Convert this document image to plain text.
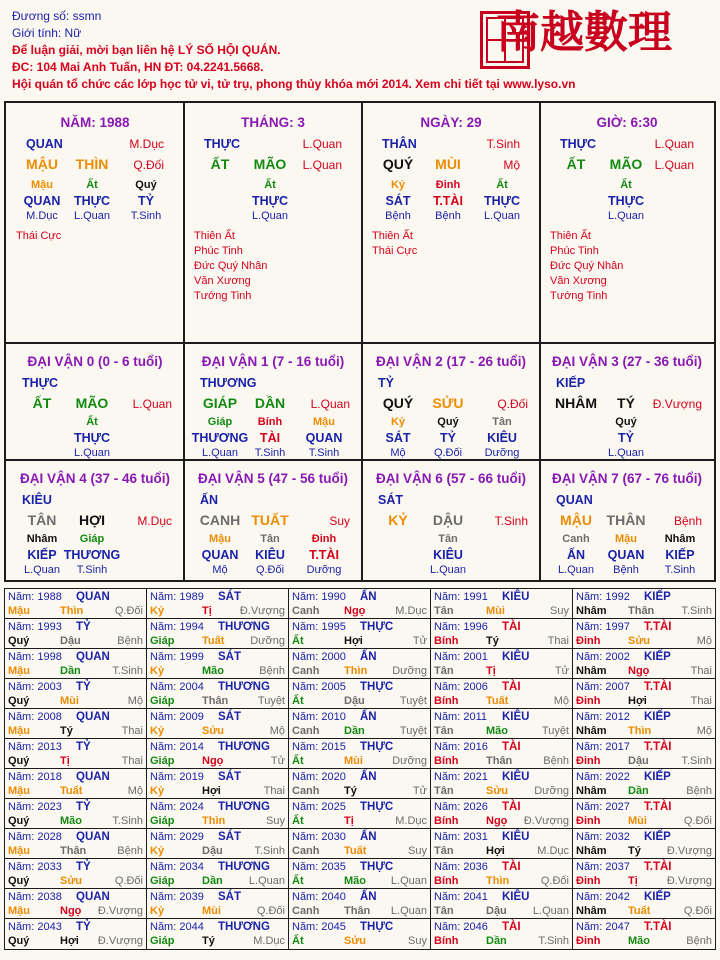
Đương số: ssmn
Giới tính: Nữ
Để luận giải, mời bạn liên hệ LÝ SỐ HỘI QUÁN.
ĐC: 104 Mai Anh Tuấn, HN ĐT: 04.2241.5668.
Hội quán tổ chức các lớp học tử vi, tử trụ, phong thủy khóa mới 2014. Xem chi tiết tại www.lyso.vn
南越數理
NĂM: 1988
QUAN	M.Dục
MẬU THÌN Q.Đối
Mậu
QUAN
M.Dục
Ất
THỰC
L.Quan
Quý
TỶ
T.Sinh
Thái Cực
THÁNG: 3
THỰC	L.Quan
ẤT MÃO L.Quan
Ất
THỰC
L.Quan
Thiên Ất
Phúc Tinh
Đức Quý Nhân
Văn Xương
Tướng Tinh
NGÀY: 29
THÂN	T.Sinh
QUÝ MÙI	Mộ
Kỷ
SÁT
Bệnh
Đinh
T.TÀI
Bệnh
Ất
THỰC
L.Quan
Thiên Ất
Thái Cực
GIỜ: 6:30
THỰC	L.Quan
ẤT MÃO L.Quan
Ất
THỰC
L.Quan
Thiên Ất
Phúc Tinh
Đức Quý Nhân
Văn Xương
Tướng Tinh
ĐẠI VẬN 0 (0 - 6 tuổi)
THỰC
ẤT MÃO L.Quan
Ất
THỰC
L.Quan
ĐẠI VẬN 1 (7 - 16 tuổi)
THƯƠNG
GIÁP DẦN L.Quan
Giáp
THƯƠNG
L.Quan
Bính
TÀI
T.Sinh
Mậu
QUAN
T.Sinh
ĐẠI VẬN 2 (17 - 26 tuổi)
TỶ
QUÝ SỬU	Q.Đối
Kỷ
SÁT
Mộ
Quý
TỶ
Q.Đối
Tân
KIÊU
Dưỡng
ĐẠI VẬN 3 (27 - 36 tuổi)
KIẾP
NHÂM TÝ Đ.Vượng
Quý
TỶ
L.Quan
ĐẠI VẬN 4 (37 - 46 tuổi)
KIÊU
TÂN HỢI	M.Dục
Nhâm
KIẾP
L.Quan
Giáp
THƯƠNG
T.Sinh
ĐẠI VẬN 5 (47 - 56 tuổi)
ẤN
CANH TUẤT	Suy
Mậu
QUAN
Mộ
Tân
KIÊU
Q.Đối
Đinh
T.TÀI
Dưỡng
ĐẠI VẬN 6 (57 - 66 tuổi)
SÁT
KỶ DẬU	T.Sinh
Tân
KIÊU
L.Quan
ĐẠI VẬN 7 (67 - 76 tuổi)
QUAN
MẬU THÂN Bệnh
Canh
ẤN
L.Quan
Mậu
QUAN
Bệnh
Nhâm
KIẾP
T.Sinh
Năm: 1988 QUAN
Mậu	Thìn	Q.Đối
Năm: 1989 SÁT
Kỷ	Tị	Đ.Vượng
Năm: 1990 ẤN
Canh Ngọ	M.Dục
Năm: 1991 KIÊU
Tân	Mùi	Suy
Năm: 1992 KIẾP
Nhâm Thân T.Sinh
Năm: 1993 TỶ
Quý	Dậu	Bệnh
Năm: 1994 THƯƠNG
Giáp	Tuất Dưỡng
Năm: 1995 THỰC
Ất	Hợi	Tử
Năm: 1996 TÀI
Bính	Tý	Thai
Năm: 1997 T.TÀI
Đinh	Sửu	Mộ
Năm: 1998 QUAN
Mậu	Dần	T.Sinh
Năm: 1999 SÁT
Kỷ	Mão	Bệnh
Năm: 2000 ẤN
Canh Thìn Dưỡng
Năm: 2001 KIÊU
Tân	Tị	Tử
Năm: 2002 KIẾP
Nhâm Ngọ	Thai
Năm: 2003 TỶ
Quý	Mùi	Mộ
Năm: 2004 THƯƠNG
Giáp	Thân	Tuyệt
Năm: 2005 THỰC
Ất	Dậu	Tuyệt
Năm: 2006 TÀI
Bính	Tuất	Mộ
Năm: 2007 T.TÀI
Đinh	Hợi	Thai
Năm: 2008 QUAN
Mậu	Tý	Thai
Năm: 2009 SÁT
Kỷ	Sửu	Mộ
Năm: 2010 ẤN
Canh Dần	Tuyệt
Năm: 2011 KIÊU
Tân	Mão	Tuyệt
Năm: 2012 KIẾP
Nhâm Thìn	Mộ
Năm: 2013 TỶ
Quý	Tị	Thai
Năm: 2014 THƯƠNG
Giáp	Ngọ	Tử
Năm: 2015 THỰC
Ất	Mùi	Dưỡng
Năm: 2016 TÀI
Bính	Thân	Bệnh
Năm: 2017 T.TÀI
Đinh	Dậu	T.Sinh
Năm: 2018 QUAN
Mậu	Tuất	Mộ
Năm: 2019 SÁT
Kỷ	Hợi	Thai
Năm: 2020 ẤN
Canh Tý	Tử
Năm: 2021 KIÊU
Tân	Sửu Dưỡng
Năm: 2022 KIẾP
Nhâm Dần	Bệnh
Năm: 2023 TỶ
Quý	Mão	T.Sinh
Năm: 2024 THƯƠNG
Giáp	Thìn	Suy
Năm: 2025 THỰC
Ất	Tị	M.Dục
Năm: 2026 TÀI
Bính	Ngọ Đ.Vượng
Năm: 2027 T.TÀI
Đinh	Mùi	Q.Đối
Năm: 2028 QUAN
Mậu	Thân	Bệnh
Năm: 2029 SÁT
Kỷ	Dậu	T.Sinh
Năm: 2030 ẤN
Canh Tuất	Suy
Năm: 2031 KIÊU
Tân	Hợi	M.Dục
Năm: 2032 KIẾP
Nhâm Tý Đ.Vượng
Năm: 2033 TỶ
Quý	Sửu	Q.Đối
Năm: 2034 THƯƠNG
Giáp	Dần L.Quan
Năm: 2035 THỰC
Ất	Mão L.Quan
Năm: 2036 TÀI
Bính	Thìn	Q.Đối
Năm: 2037 T.TÀI
Đinh	Tị	Đ.Vượng
Năm: 2038 QUAN
Mậu	Ngọ Đ.Vượng
Năm: 2039 SÁT
Kỷ	Mùi	Q.Đối
Năm: 2040 ẤN
Canh Thân L.Quan
Năm: 2041 KIÊU
Tân	Dậu L.Quan
Năm: 2042 KIẾP
Nhâm Tuất	Q.Đối
Năm: 2043 TỶ
Quý	Hợi Đ.Vượng
Năm: 2044 THƯƠNG
Giáp	Tý	M.Dục
Năm: 2045 THỰC
Ất	Sửu	Suy
Năm: 2046 TÀI
Bính	Dần	T.Sinh
Năm: 2047 T.TÀI
Đinh	Mão	Bệnh
